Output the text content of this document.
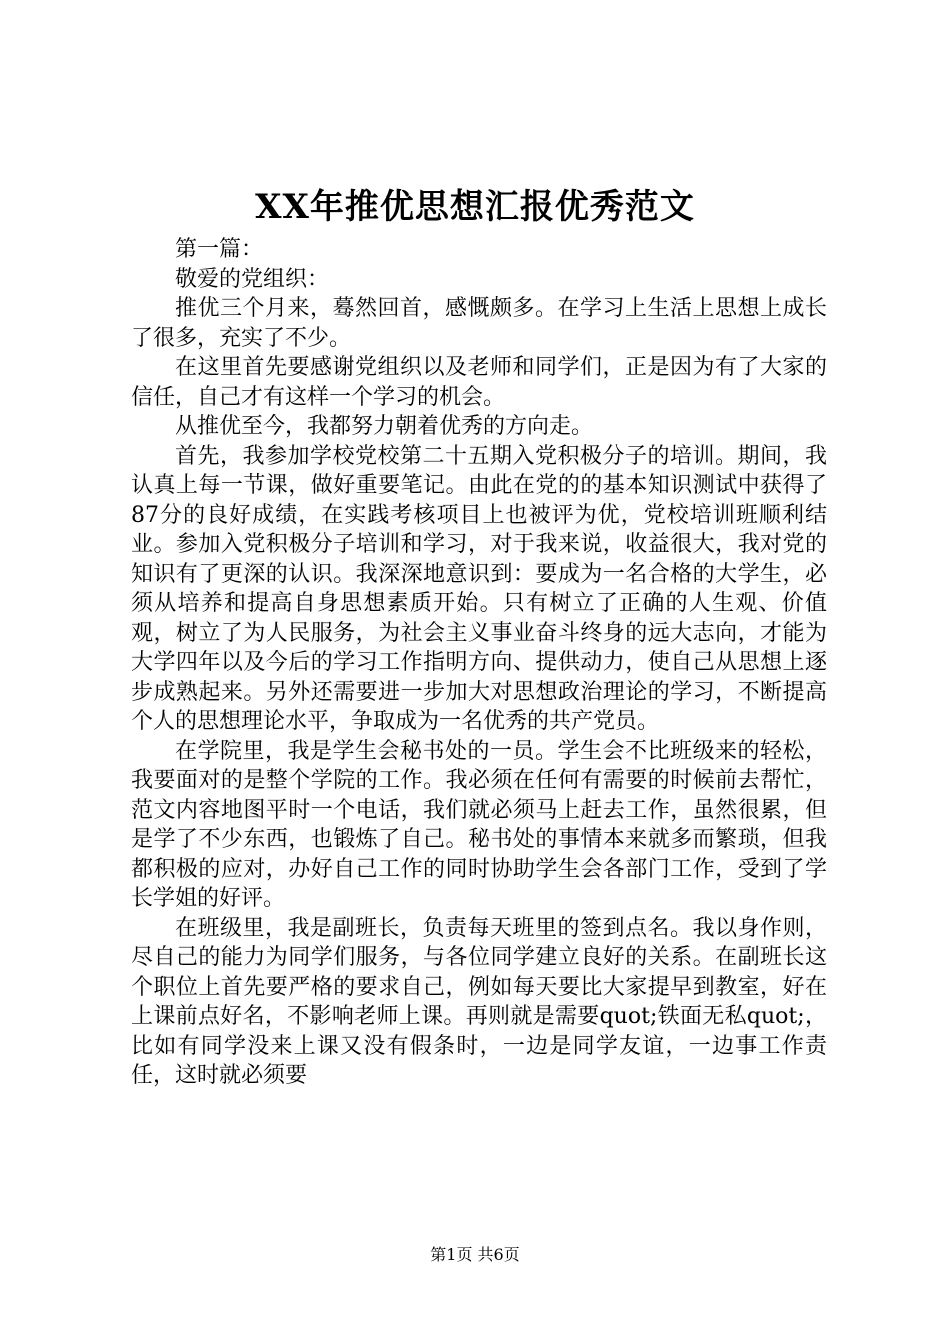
XX年推优思想汇报优秀范文

第一篇：

敬爱的党组织：

推优三个月来，蓦然回首，感慨颇多。在学习上生活上思想上成长了很多，充实了不少。

在这里首先要感谢党组织以及老师和同学们，正是因为有了大家的信任，自己才有这样一个学习的机会。

从推优至今，我都努力朝着优秀的方向走。

首先，我参加学校党校第二十五期入党积极分子的培训。期间，我认真上每一节课，做好重要笔记。由此在党的的基本知识测试中获得了87分的良好成绩，在实践考核项目上也被评为优，党校培训班顺利结业。参加入党积极分子培训和学习，对于我来说，收益很大，我对党的知识有了更深的认识。我深深地意识到：要成为一名合格的大学生，必须从培养和提高自身思想素质开始。只有树立了正确的人生观、价值观，树立了为人民服务，为社会主义事业奋斗终身的远大志向，才能为大学四年以及今后的学习工作指明方向、提供动力，使自己从思想上逐步成熟起来。另外还需要进一步加大对思想政治理论的学习，不断提高个人的思想理论水平，争取成为一名优秀的共产党员。

在学院里，我是学生会秘书处的一员。学生会不比班级来的轻松，我要面对的是整个学院的工作。我必须在任何有需要的时候前去帮忙，范文内容地图平时一个电话，我们就必须马上赶去工作，虽然很累，但是学了不少东西，也锻炼了自己。秘书处的事情本来就多而繁琐，但我都积极的应对，办好自己工作的同时协助学生会各部门工作，受到了学长学姐的好评。

在班级里，我是副班长，负责每天班里的签到点名。我以身作则，尽自己的能力为同学们服务，与各位同学建立良好的关系。在副班长这个职位上首先要严格的要求自己，例如每天要比大家提早到教室，好在上课前点好名，不影响老师上课。再则就是需要quot;铁面无私quot;，比如有同学没来上课又没有假条时，一边是同学友谊，一边事工作责任，这时就必须要

第1页 共6页
